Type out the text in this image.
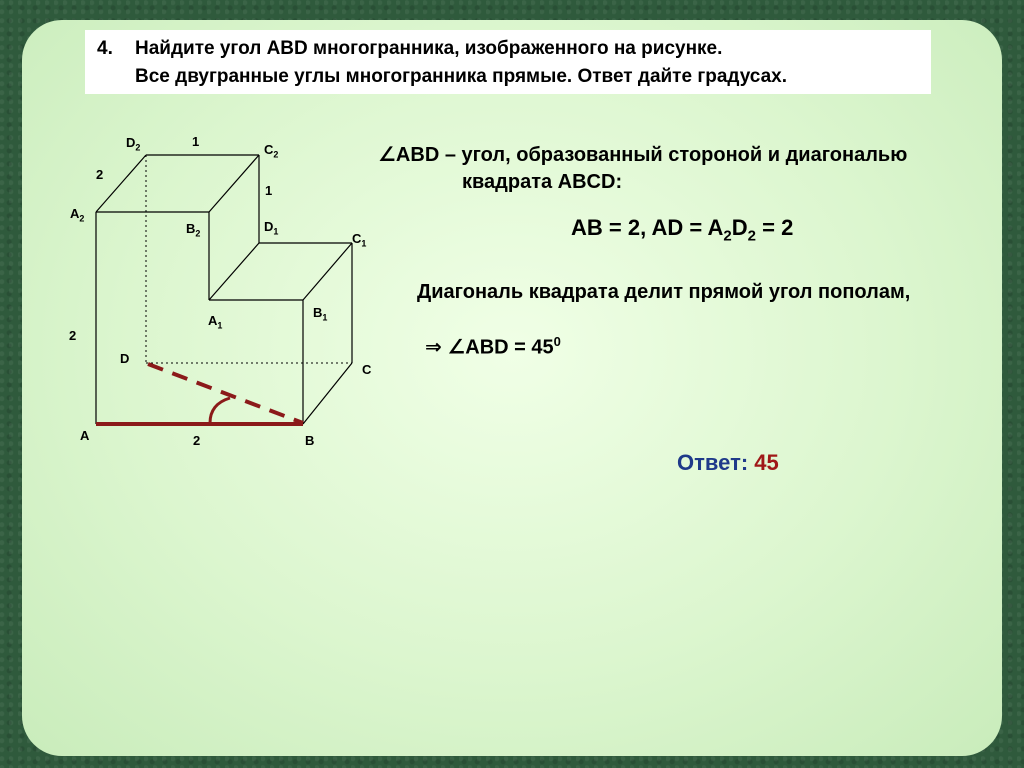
4. Найдите угол ABD многогранника, изображенного на рисунке.
Все двугранные углы многогранника прямые. Ответ дайте градусах.
$D_2$	$C_2$
$A_2$
$B_2$	$D_1$	$C_1$
$A_1$
$B_1$
D
C
A	B
1
2
1
2
2
∠ABD – угол, образованный стороной и диагональю
квадрата ABCD:
AB = 2, AD = $A_2D_2 = 2$
Диагональ квадрата делит прямой угол пополам,
⇒ ∠ABD = $45^0$
Ответ: 45
